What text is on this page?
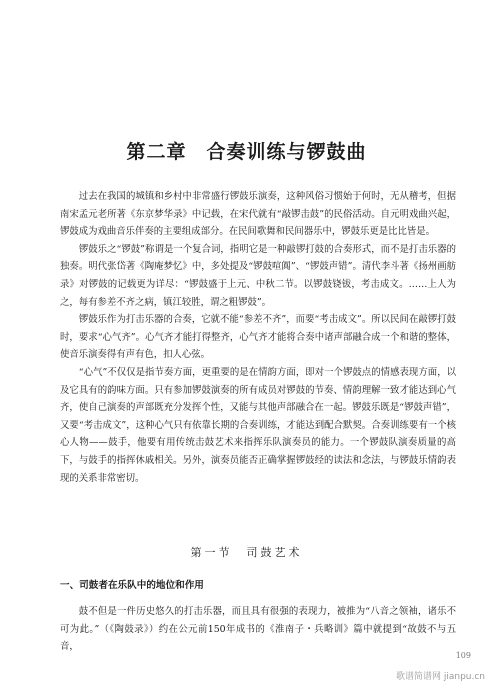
第二章　合奏训练与锣鼓曲

过去在我国的城镇和乡村中非常盛行锣鼓乐演奏，这种风俗习惯始于何时，无从稽考，但据南宋孟元老所著《东京梦华录》中记载，在宋代就有“敲锣击鼓”的民俗活动。自元明戏曲兴起，锣鼓成为戏曲音乐伴奏的主要组成部分。在民间歌舞和民间器乐中，锣鼓乐更是比比皆是。

锣鼓乐之“锣鼓”称谓是一个复合词，指明它是一种敲锣打鼓的合奏形式，而不是打击乐器的独奏。明代张岱著《陶庵梦忆》中，多处提及“锣鼓喧阗”、“锣鼓声错”。清代李斗著《扬州画舫录》对锣鼓的记载更为详尽：“锣鼓盛于上元、中秋二节。以锣鼓铙钹，考击成文。……上人为之，每有参差不齐之病，镇江较胜，谓之粗锣鼓”。

锣鼓乐作为打击乐器的合奏，它就不能“参差不齐”，而要“考击成文”。所以民间在敲锣打鼓时，要求“心气齐”。心气齐才能打得整齐，心气齐才能将合奏中诸声部融合成一个和谐的整体，使音乐演奏得有声有色，扣人心弦。

“心气”不仅仅是指节奏方面，更重要的是在情韵方面，即对一个锣鼓点的情感表现方面，以及它具有的韵味方面。只有参加锣鼓演奏的所有成员对锣鼓的节奏、情韵理解一致才能达到心气齐，使自己演奏的声部既充分发挥个性，又能与其他声部融合在一起。锣鼓乐既是“锣鼓声错”，又要“考击成文”，这种心气只有依靠长期的合奏训练，才能达到配合默契。合奏训练要有一个核心人物——鼓手，他要有用传统击鼓艺术来指挥乐队演奏员的能力。一个锣鼓队演奏质量的高下，与鼓手的指挥休戚相关。另外，演奏员能否正确掌握锣鼓经的读法和念法，与锣鼓乐情韵表现的关系非常密切。

第一节　司鼓艺术
一、司鼓者在乐队中的地位和作用

鼓不但是一件历史悠久的打击乐器，而且具有很强的表现力，被推为“八音之领袖，诸乐不可为此。”（《陶鼓录》）约在公元前150年成书的《淮南子・兵略训》篇中就提到“故鼓不与五音，

109
歌谱简谱网 jianpu.cn
